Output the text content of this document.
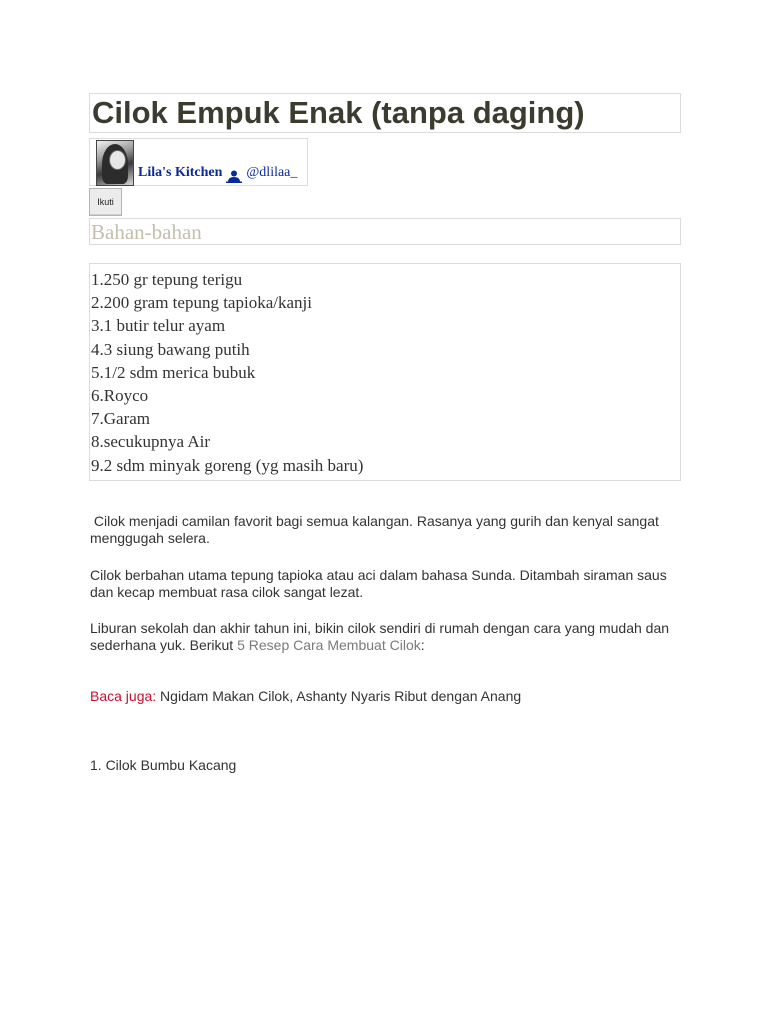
Cilok Empuk Enak (tanpa daging)
Lila's Kitchen @dlilaa_
Ikuti
Bahan-bahan
1.250 gr tepung terigu
2.200 gram tepung tapioka/kanji
3.1 butir telur ayam
4.3 siung bawang putih
5.1/2 sdm merica bubuk
6.Royco
7.Garam
8.secukupnya Air
9.2 sdm minyak goreng (yg masih baru)

Cilok menjadi camilan favorit bagi semua kalangan. Rasanya yang gurih dan kenyal sangat menggugah selera.

Cilok berbahan utama tepung tapioka atau aci dalam bahasa Sunda. Ditambah siraman saus dan kecap membuat rasa cilok sangat lezat.

Liburan sekolah dan akhir tahun ini, bikin cilok sendiri di rumah dengan cara yang mudah dan sederhana yuk. Berikut 5 Resep Cara Membuat Cilok:

Baca juga: Ngidam Makan Cilok, Ashanty Nyaris Ribut dengan Anang

1. Cilok Bumbu Kacang
